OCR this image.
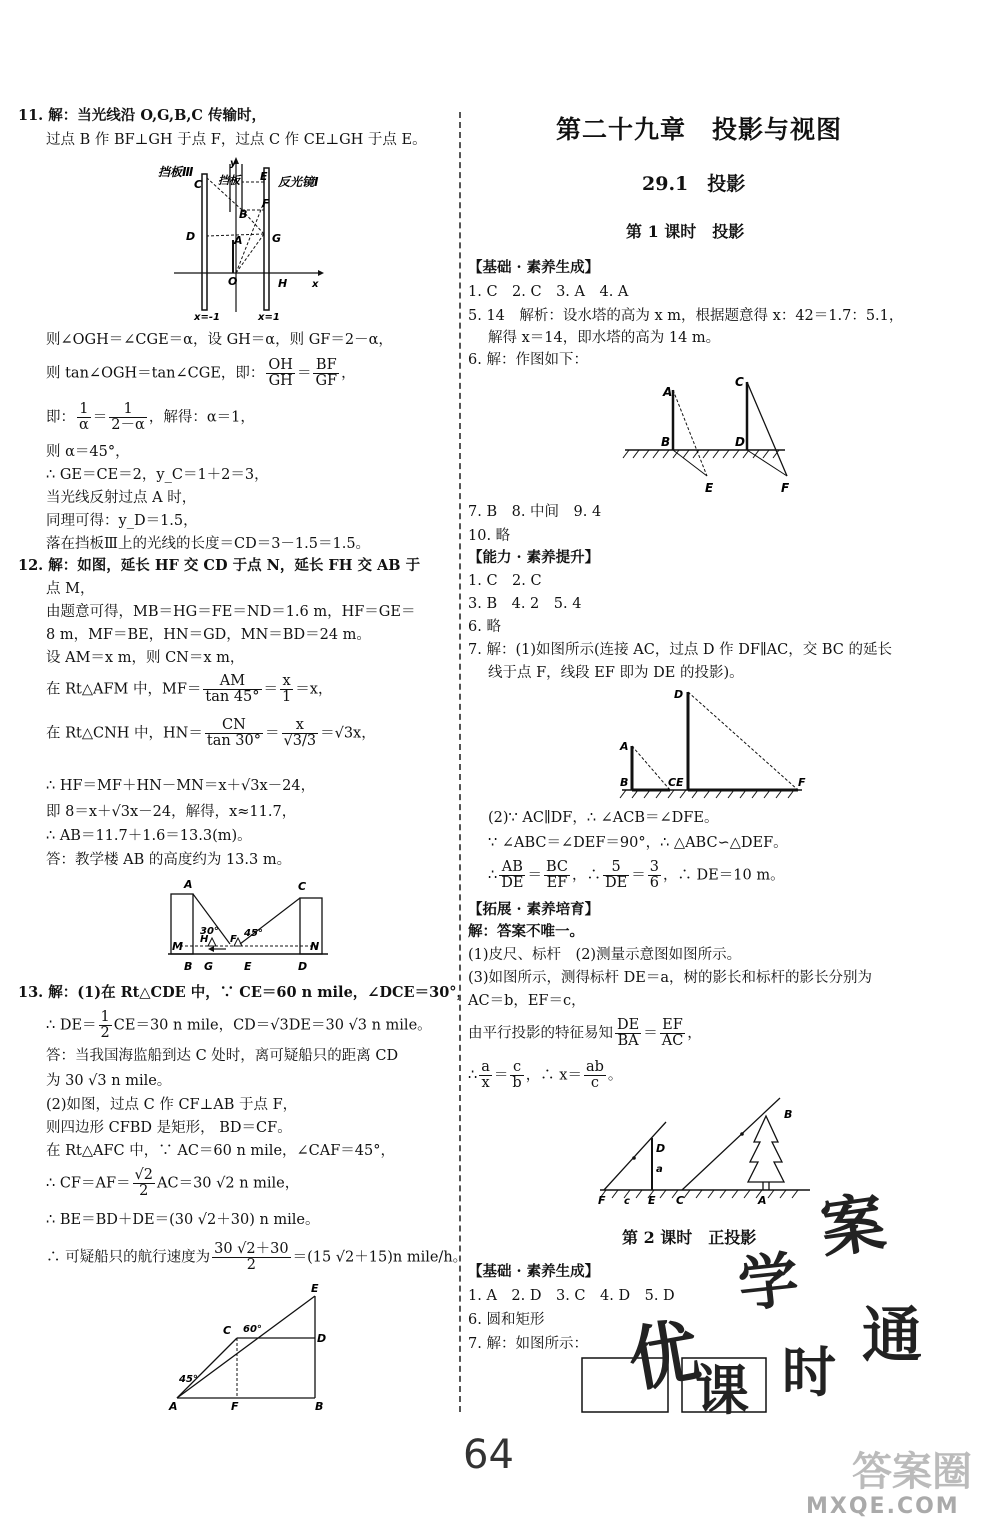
11. 解：当光线沿 O,G,B,C 传输时，
过点 B 作 BF⊥GH 于点 F，过点 C 作 CE⊥GH 于点 E。
挡板Ⅲ
挡板	反光镜Ⅰ
C
D	A
O	H x
y
G
E
F
B
x=-1	x=1
则∠OGH＝∠CGE＝α，设 GH＝α，则 GF＝2－α，
则 tan∠OGH＝tan∠CGE，即： $\frac{OH}{GH} = \frac{BF}{GF}$ ，
即： $\frac{1}{\alpha} = \frac{1}{2-\alpha}$ ，解得：α＝1，
则 α＝45°，
∴ GE＝CE＝2，y_C＝1＋2＝3，
当光线反射过点 A 时，
同理可得：y_D＝1.5，
落在挡板Ⅲ上的光线的长度＝CD＝3－1.5＝1.5。
12. 解：如图，延长 HF 交 CD 于点 N，延长 FH 交 AB 于
点 M，
由题意可得，MB＝HG＝FE＝ND＝1.6 m，HF＝GE＝
8 m，MF＝BE，HN＝GD，MN＝BD＝24 m。
设 AM＝x m，则 CN＝x m，
在 Rt△AFM 中，$MF= \frac{AM}{\tan 45^\circ} = \frac{x}{1} =x$，
在 Rt△CNH 中，$HN= \frac{CN}{\tan 30^\circ} = \frac{x}{√3/3} =√3x$，
∴ HF＝MF＋HN－MN＝x＋√3x－24，
即 8＝x＋√3x－24，解得，x≈11.7，
∴ AB＝11.7＋1.6＝13.3(m)。
答：教学楼 AB 的高度约为 13.3 m。
A	C
M
H F
N
B G	E	D
30°	45°
13. 解：(1)在 Rt△CDE 中，∵ CE＝60 n mile，∠DCE＝30°，
∴ $DE= \frac{1}{2} CE=30$ n mile，CD＝√3DE＝30 √3 n mile。
答：当我国海监船到达 C 处时，离可疑船只的距离 CD
为 30 √3 n mile。
(2)如图，过点 C 作 CF⊥AB 于点 F，
则四边形 CFBD 是矩形， BD＝CF。
在 Rt△AFC 中，∵ AC＝60 n mile，∠CAF＝45°，
∴ $CF=AF= \frac{√2}{2} AC=30$ √2 n mile，
∴ BE＝BD＋DE＝(30 √2＋30) n mile。
∴ 可疑船只的航行速度为 $\frac{30 √2+30}{2} =(15$ √2＋15)n mile/h。
E
C
D
A	F	B
60°
45°
第二十九章　投影与视图
29.1　投影
第 1 课时　投影
【基础 · 素养生成】
1. C　2. C　3. A　4. A
5. 14　解析：设水塔的高为 x m，根据题意得 x：42＝1.7：5.1，
解得 x＝14，即水塔的高为 14 m。
6. 解：作图如下：
A
B
E
C
D
F
7. B　8. 中间　9. 4
10. 略
【能力 · 素养提升】
1. C　2. C
3. B　4. 2　5. 4
6. 略
7. 解：(1)如图所示(连接 AC，过点 D 作 DF∥AC，交 BC 的延长
线于点 F，线段 EF 即为 DE 的投影)。
D
A
B	C E	F
(2)∵ AC∥DF，∴ ∠ACB＝∠DFE。
∵ ∠ABC＝∠DEF＝90°，∴ △ABC∽△DEF。
∴ $\frac{AB}{DE} = \frac{BC}{EF}$ ，∴ $\frac{5}{DE} = \frac{3}{6}$ ，∴ DE＝10 m。
【拓展 · 素养培育】
解：答案不唯一。
(1)皮尺、标杆　(2)测量示意图如图所示。
(3)如图所示，测得标杆 DE＝a，树的影长和标杆的影长分别为
AC＝b，EF＝c，
由平行投影的特征易知 $\frac{DE}{BA} = \frac{EF}{AC}$ ，
∴ $\frac{a}{x} = \frac{c}{b}$ ，∴ $x= \frac{ab}{c}$ 。
D
a
F c E C	A
B
第 2 课时　正投影
【基础 · 素养生成】
1. A　2. D　3. C　4. D　5. D
6. 圆和矩形
7. 解：如图所示：
案
学
优
课 时
通
64	答案圈
MXQE.COM
